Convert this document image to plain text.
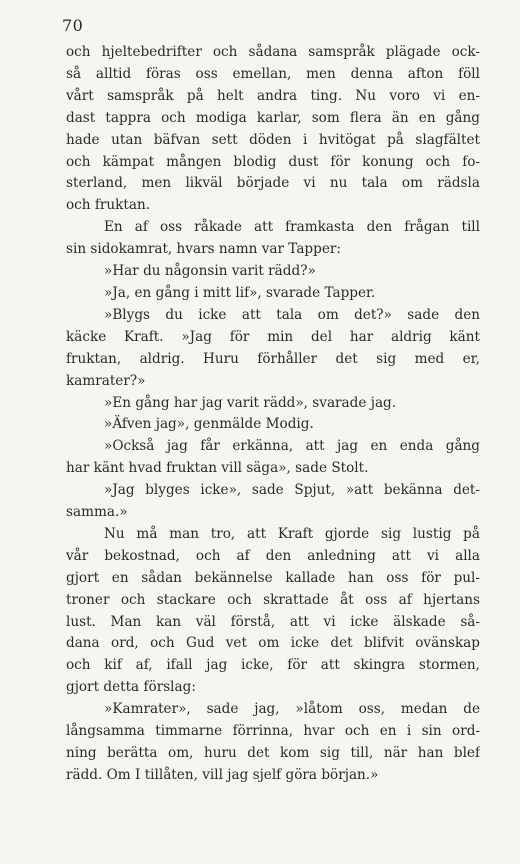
70
och hjeltebedrifter och sådana samspråk plägade ock-
så alltid föras oss emellan, men denna afton föll
vårt samspråk på helt andra ting. Nu voro vi en-
dast tappra och modiga karlar, som flera än en gång
hade utan bäfvan sett döden i hvitögat på slagfältet
och kämpat mången blodig dust för konung och fo-
sterland, men likväl började vi nu tala om rädsla
och fruktan.
En af oss råkade att framkasta den frågan till
sin sidokamrat, hvars namn var Tapper:
»Har du någonsin varit rädd?»
»Ja, en gång i mitt lif», svarade Tapper.
»Blygs du icke att tala om det?» sade den
käcke Kraft. »Jag för min del har aldrig känt
fruktan, aldrig. Huru förhåller det sig med er,
kamrater?»
»En gång har jag varit rädd», svarade jag.
»Äfven jag», genmälde Modig.
»Också jag får erkänna, att jag en enda gång
har känt hvad fruktan vill säga», sade Stolt.
»Jag blyges icke», sade Spjut, »att bekänna det-
samma.»
Nu må man tro, att Kraft gjorde sig lustig på
vår bekostnad, och af den anledning att vi alla
gjort en sådan bekännelse kallade han oss för pul-
troner och stackare och skrattade åt oss af hjertans
lust. Man kan väl förstå, att vi icke älskade så-
dana ord, och Gud vet om icke det blifvit ovänskap
och kif af, ifall jag icke, för att skingra stormen,
gjort detta förslag:
»Kamrater», sade jag, »låtom oss, medan de
långsamma timmarne förrinna, hvar och en i sin ord-
ning berätta om, huru det kom sig till, när han blef
rädd. Om I tillåten, vill jag sjelf göra början.»
